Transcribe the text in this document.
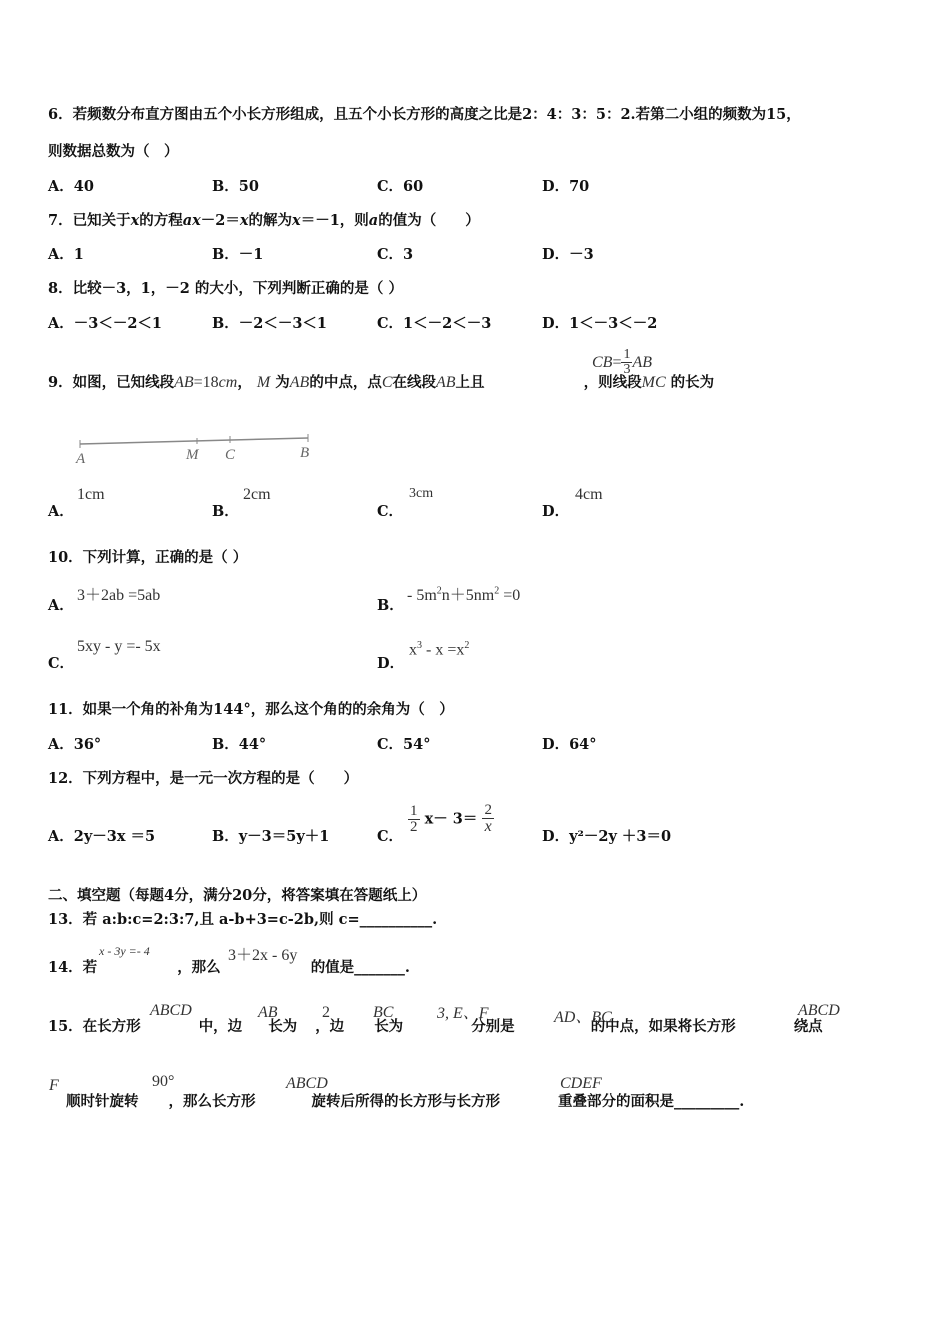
6．若频数分布直方图由五个小长方形组成，且五个小长方形的高度之比是2：4：3：5：2.若第二小组的频数为15，
则数据总数为（　）
A．40	B．50	C．60	D．70
7．已知关于x的方程ax－2＝x的解为x＝－1，则a的值为（　　）
A．1	B．－1	C．3	D．－3
8．比较－3，1，－2 的大小，下列判断正确的是（ ）
A．－3＜－2＜1	B．－2＜－3＜1	C．1＜－2＜－3	D．1＜－3＜－2
9．如图，已知线段AB=18cm， M 为AB的中点，点C在线段AB上且	，则线段MC 的长为
$CB= \frac{1}{3}$ AB
A	M C	B
A．
1cm
B．
2cm
C．
3cm
D．
4cm
10．下列计算，正确的是（ ）
A．
3＋2ab =5ab
B．
- $5m^2n+5nm^2 =0$
C．
5xy - y =- 5x
D．
$x^3 - x =x^2$
11．如果一个角的补角为144°，那么这个角的的余角为（　）
A．36°	B．44°	C．54°	D．64°
12．下列方程中，是一元一次方程的是（　　）
A．2y－3x ＝5	B．y－3＝5y＋1	C．
$\frac{1}{2} x- 3= \frac{2}{x}$
D．y²－2y ＋3＝0
二、填空题（每题4分，满分20分，将答案填在答题纸上）
13．若 a:b:c=2:3:7,且 a-b+3=c-2b,则 c=__________.
14．若	，那么	的值是_______.
x - 3y =- 4	3＋2x - 6y
15．在长方形	中，边 长为 ，边 长为	分别是	的中点，如果将长方形	绕点
ABCD	AB	2	BC	3, E、F	AD、BC	ABCD
顺时针旋转 ，那么长方形	旋转后所得的长方形与长方形	重叠部分的面积是_________.
F	90°	ABCD	CDEF
